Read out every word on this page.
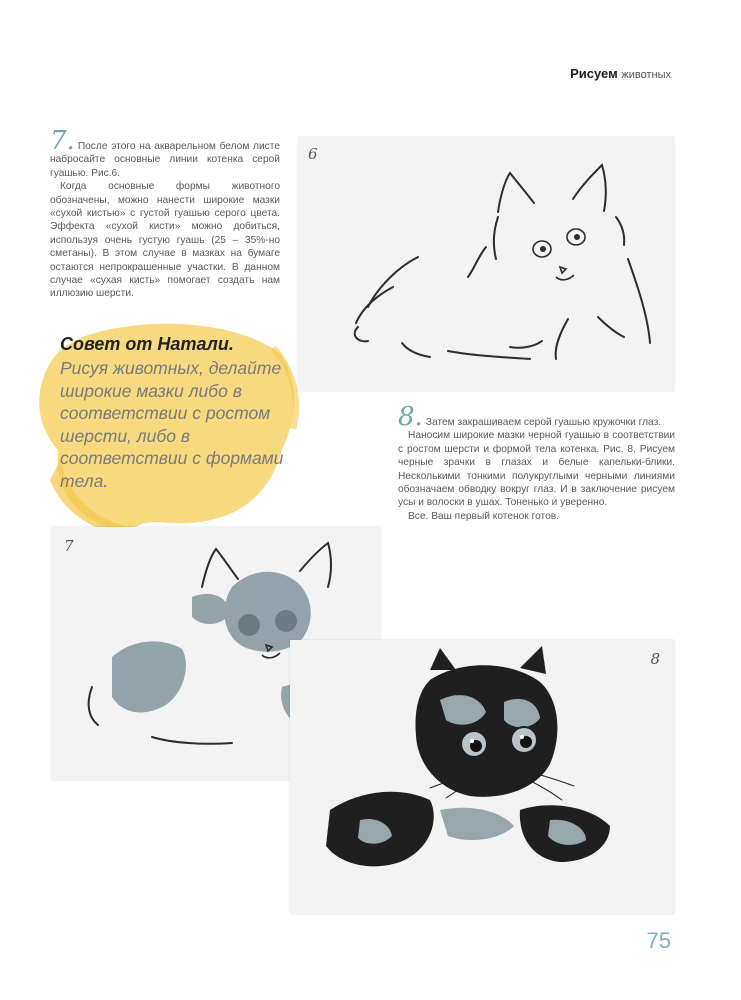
Рисуем животных

7. После этого на акварельном белом листе набросайте основные линии котенка серой гуашью. Рис.6.

Когда основные формы животного обозначены, можно нанести широкие мазки «сухой кистью» с густой гуашью серого цвета. Эффекта «сухой кисти» можно добиться, используя очень густую гуашь (25 – 35%-но сметаны). В этом случае в мазках на бумаге остаются непрокрашенные участки. В данном случае «сухая кисть» помогает создать нам иллюзию шерсти.

Совет от Натали.

Рисуя животных, делайте широкие мазки либо в соответствии с ростом шерсти, либо в соответствии с формами тела.

6
7
8

8. Затем закрашиваем серой гуашью кружочки глаз.

Наносим широкие мазки черной гуашью в соответствии с ростом шерсти и формой тела котенка. Рис. 8. Рисуем черные зрачки в глазах и белые капельки-блики. Несколькими тонкими полукруглыми черными линиями обозначаем обводку вокруг глаз. И в заключение рисуем усы и волоски в ушах. Тоненько и уверенно.

Все. Ваш первый котенок готов.

75
